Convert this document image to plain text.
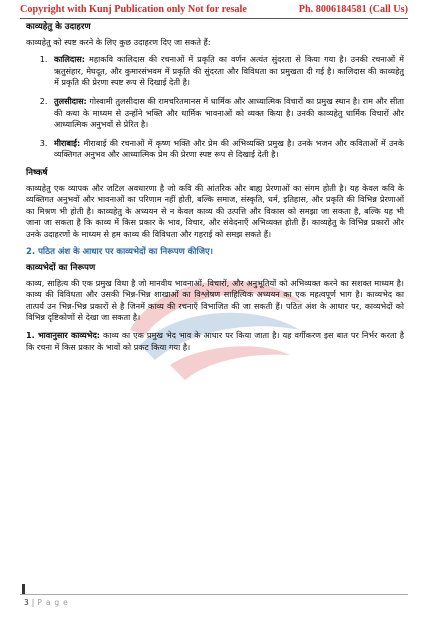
Copyright with Kunj Publication only Not for resale	Ph. 8006184581 (Call Us)
काव्यहेतु के उदाहरण
काव्यहेतु को स्पष्ट करने के लिए कुछ उदाहरण दिए जा सकते हैं:
1. कालिदास: महाकवि कालिदास की रचनाओं में प्रकृति का वर्णन अत्यंत सुंदरता से किया गया है। उनकी रचनाओं में ऋतुसंहार, मेघदूत, और कुमारसंभवम में प्रकृति की सुंदरता और विविधता का प्रमुखता दी गई है। कालिदास की काव्यहेतु में प्रकृति की प्रेरणा स्पष्ट रूप से दिखाई देती है।
2. तुलसीदास: गोस्वामी तुलसीदास की रामचरितमानस में धार्मिक और आध्यात्मिक विचारों का प्रमुख स्थान है। राम और सीता की कथा के माध्यम से उन्होंने भक्ति और धार्मिक भावनाओं को व्यक्त किया है। उनकी काव्यहेतु धार्मिक विचारों और आध्यात्मिक अनुभवों से प्रेरित है।
3. मीराबाई: मीराबाई की रचनाओं में कृष्ण भक्ति और प्रेम की अभिव्यक्ति प्रमुख है। उनके भजन और कविताओं में उनके व्यक्तिगत अनुभव और आध्यात्मिक प्रेम की प्रेरणा स्पष्ट रूप से दिखाई देती है।
निष्कर्ष
काव्यहेतु एक व्यापक और जटिल अवधारणा है जो कवि की आंतरिक और बाह्य प्रेरणाओं का संगम होती है। यह केवल कवि के व्यक्तिगत अनुभवों और भावनाओं का परिणाम नहीं होती, बल्कि समाज, संस्कृति, धर्म, इतिहास, और प्रकृति की विभिन्न प्रेरणाओं का मिश्रण भी होती है। काव्यहेतु के अध्ययन से न केवल काव्य की उत्पत्ति और विकास को समझा जा सकता है, बल्कि यह भी जाना जा सकता है कि काव्य में किस प्रकार के भाव, विचार, और संवेदनाएँ अभिव्यक्त होती हैं। काव्यहेतु के विभिन्न प्रकारों और उनके उदाहरणों के माध्यम से हम काव्य की विविधता और गहराई को समझ सकते हैं।
2. पठित अंश के आधार पर काव्यभेदों का निरूपण कीजिए।
काव्यभेदों का निरूपण
काव्य, साहित्य की एक प्रमुख विधा है जो मानवीय भावनाओं, विचारों, और अनुभूतियों को अभिव्यक्त करने का सशक्त माध्यम है। काव्य की विविधता और उसकी भिन्न-भिन्न शाखाओं का विश्लेषण साहित्यिक अध्ययन का एक महत्वपूर्ण भाग है। काव्यभेद का तात्पर्य उन भिन्न-भिन्न प्रकारों से है जिनमें काव्य की रचनाएँ विभाजित की जा सकती हैं। पठित अंश के आधार पर, काव्यभेदों को विभिन्न दृष्टिकोणों से देखा जा सकता है।
1. भावानुसार काव्यभेद: काव्य का एक प्रमुख भेद भाव के आधार पर किया जाता है। यह वर्गीकरण इस बात पर निर्भर करता है कि रचना में किस प्रकार के भावों को प्रकट किया गया है।
3 | P a g e
